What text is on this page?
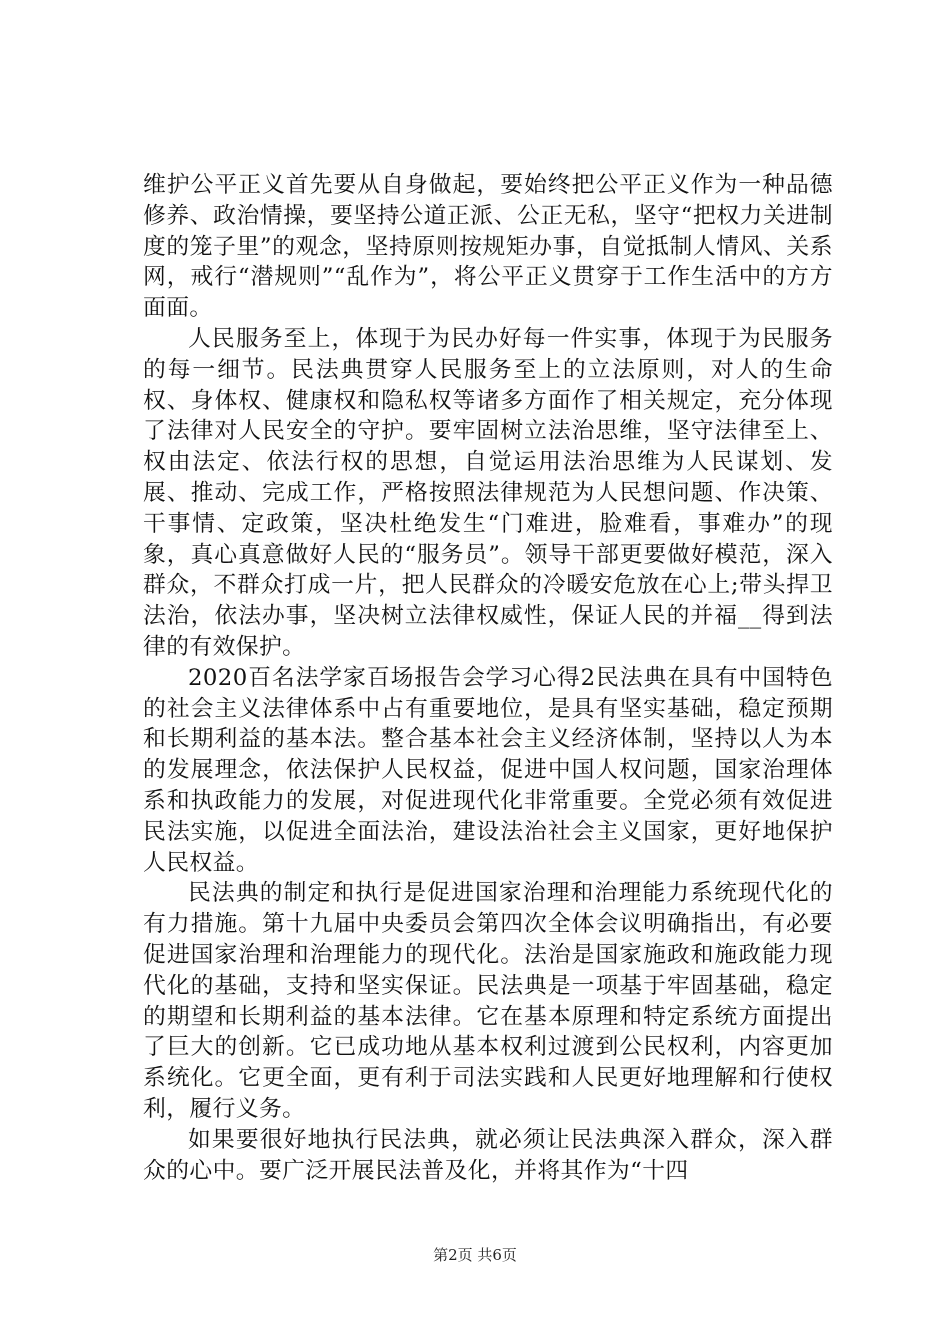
维护公平正义首先要从自身做起，要始终把公平正义作为一种品德修养、政治情操，要坚持公道正派、公正无私，坚守“把权力关进制度的笼子里”的观念，坚持原则按规矩办事，自觉抵制人情风、关系网，戒行“潜规则”“乱作为”，将公平正义贯穿于工作生活中的方方面面。

人民服务至上，体现于为民办好每一件实事，体现于为民服务的每一细节。民法典贯穿人民服务至上的立法原则，对人的生命权、身体权、健康权和隐私权等诸多方面作了相关规定，充分体现了法律对人民安全的守护。要牢固树立法治思维，坚守法律至上、权由法定、依法行权的思想，自觉运用法治思维为人民谋划、发展、推动、完成工作，严格按照法律规范为人民想问题、作决策、干事情、定政策，坚决杜绝发生“门难进，脸难看，事难办”的现象，真心真意做好人民的“服务员”。领导干部更要做好模范，深入群众，不群众打成一片，把人民群众的冷暖安危放在心上;带头捍卫法治，依法办事，坚决树立法律权威性，保证人民的并福__得到法律的有效保护。

2020百名法学家百场报告会学习心得2民法典在具有中国特色的社会主义法律体系中占有重要地位，是具有坚实基础，稳定预期和长期利益的基本法。整合基本社会主义经济体制，坚持以人为本的发展理念，依法保护人民权益，促进中国人权问题，国家治理体系和执政能力的发展，对促进现代化非常重要。全党必须有效促进民法实施，以促进全面法治，建设法治社会主义国家，更好地保护人民权益。

民法典的制定和执行是促进国家治理和治理能力系统现代化的有力措施。第十九届中央委员会第四次全体会议明确指出，有必要促进国家治理和治理能力的现代化。法治是国家施政和施政能力现代化的基础，支持和坚实保证。民法典是一项基于牢固基础，稳定的期望和长期利益的基本法律。它在基本原理和特定系统方面提出了巨大的创新。它已成功地从基本权利过渡到公民权利，内容更加系统化。它更全面，更有利于司法实践和人民更好地理解和行使权利，履行义务。

如果要很好地执行民法典，就必须让民法典深入群众，深入群众的心中。要广泛开展民法普及化，并将其作为“十四

第2页 共6页
